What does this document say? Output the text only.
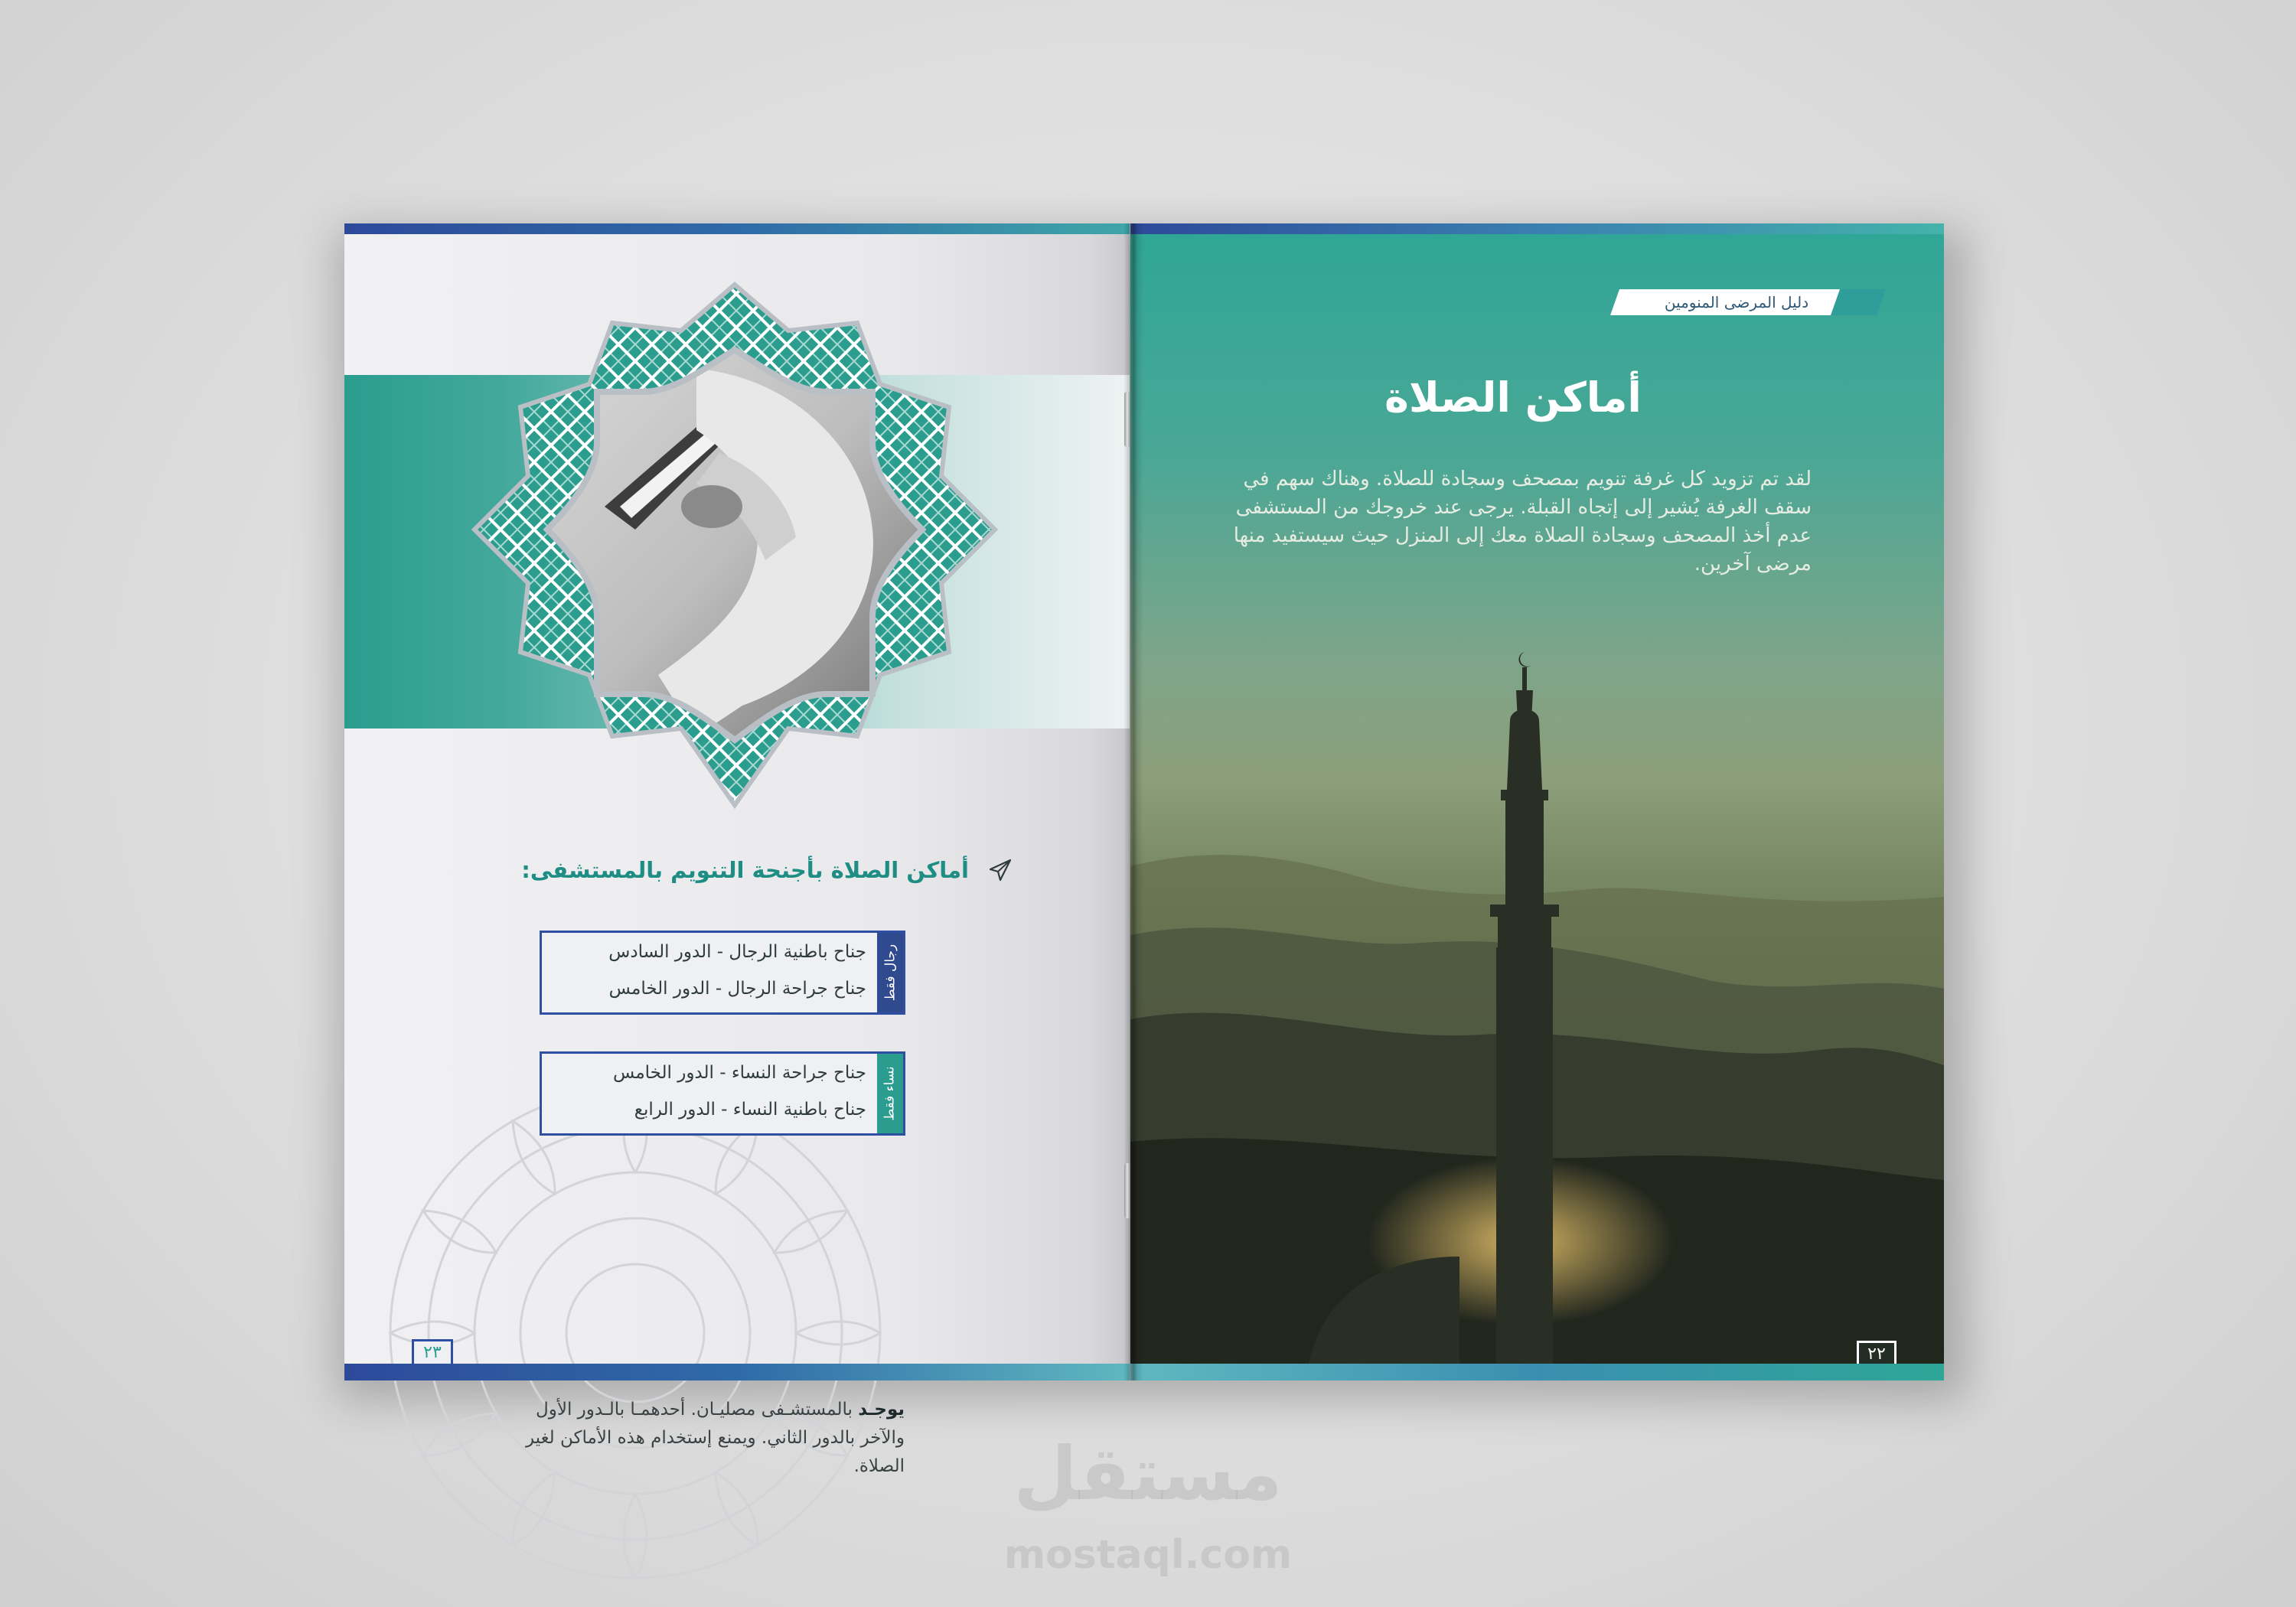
أماكن الصلاة بأجنحة التنويم بالمستشفى:
رجال فقط
جناح باطنية الرجال - الدور السادس
جناح جراحة الرجال - الدور الخامس
نساء فقط
جناح جراحة النساء - الدور الخامس
جناح باطنية النساء - الدور الرابع
يوجـد بالمستشـفى مصليـان. أحدهمـا بالـدور الأول والآخر بالدور الثاني. ويمنع إستخدام هذه الأماكن لغير الصلاة.
٢٣
دليل المرضى المنومين
أماكن الصلاة
لقد تم تزويد كل غرفة تنويم بمصحف وسجادة للصلاة. وهناك سهم في سقف الغرفة يُشير إلى إتجاه القبلة. يرجى عند خروجك من المستشفى عدم أخذ المصحف وسجادة الصلاة معك إلى المنزل حيث سيستفيد منها مرضى آخرين.
٢٢
مستقل
mostaql.com
